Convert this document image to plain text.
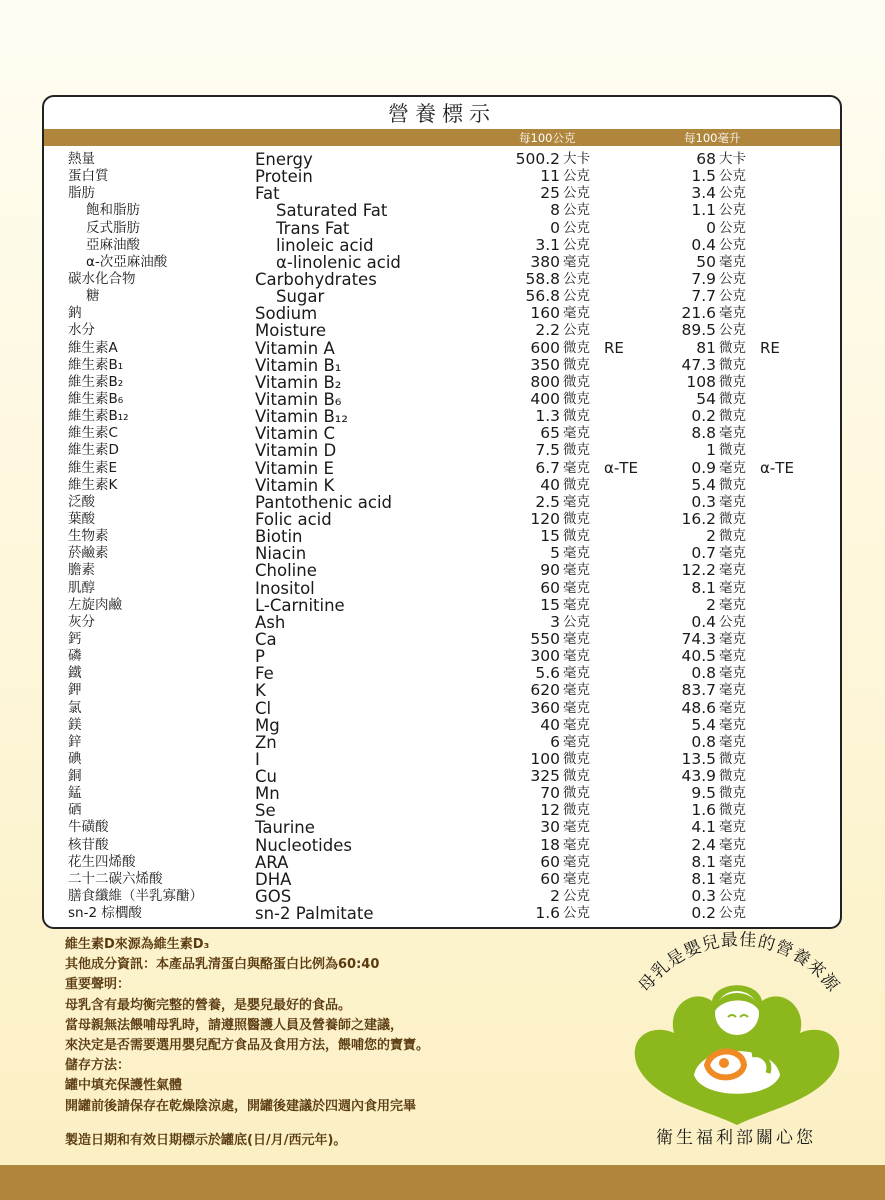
營養標示
每100公克	每100毫升
熱量	Energy	500.2 大卡	68 大卡
蛋白質	Protein	11 公克	1.5 公克
脂肪	Fat	25 公克	3.4 公克
飽和脂肪	Saturated Fat	8 公克	1.1 公克
反式脂肪	Trans Fat	0 公克	0 公克
亞麻油酸	linoleic acid	3.1 公克	0.4 公克
α-次亞麻油酸	α-linolenic acid	380 毫克	50 毫克
碳水化合物	Carbohydrates	58.8 公克	7.9 公克
糖	Sugar	56.8 公克	7.7 公克
鈉	Sodium	160 毫克	21.6 毫克
水分	Moisture	2.2 公克	89.5 公克
維生素A	Vitamin A	600 微克 RE	81 微克 RE
維生素B₁	Vitamin B₁	350 微克	47.3 微克
維生素B₂	Vitamin B₂	800 微克	108 微克
維生素B₆	Vitamin B₆	400 微克	54 微克
維生素B₁₂	Vitamin B₁₂	1.3 微克	0.2 微克
維生素C	Vitamin C	65 毫克	8.8 毫克
維生素D	Vitamin D	7.5 微克	1 微克
維生素E	Vitamin E	6.7 毫克 α-TE	0.9 毫克 α-TE
維生素K	Vitamin K	40 微克	5.4 微克
泛酸	Pantothenic acid	2.5 毫克	0.3 毫克
葉酸	Folic acid	120 微克	16.2 微克
生物素	Biotin	15 微克	2 微克
菸鹼素	Niacin	5 毫克	0.7 毫克
膽素	Choline	90 毫克	12.2 毫克
肌醇	Inositol	60 毫克	8.1 毫克
左旋肉鹼	L-Carnitine	15 毫克	2 毫克
灰分	Ash	3 公克	0.4 公克
鈣	Ca	550 毫克	74.3 毫克
磷	P	300 毫克	40.5 毫克
鐵	Fe	5.6 毫克	0.8 毫克
鉀	K	620 毫克	83.7 毫克
氯	Cl	360 毫克	48.6 毫克
鎂	Mg	40 毫克	5.4 毫克
鋅	Zn	6 毫克	0.8 毫克
碘	I	100 微克	13.5 微克
銅	Cu	325 微克	43.9 微克
錳	Mn	70 微克	9.5 微克
硒	Se	12 微克	1.6 微克
牛磺酸	Taurine	30 毫克	4.1 毫克
核苷酸	Nucleotides	18 毫克	2.4 毫克
花生四烯酸	ARA	60 毫克	8.1 毫克
二十二碳六烯酸	DHA	60 毫克	8.1 毫克
膳食纖維（半乳寡醣）	GOS	2 公克	0.3 公克
sn-2 棕櫚酸	sn-2 Palmitate	1.6 公克	0.2 公克
維生素D來源為維生素D₃
其他成分資訊：本產品乳清蛋白與酪蛋白比例為60:40
重要聲明：
母乳含有最均衡完整的營養，是嬰兒最好的食品。
當母親無法餵哺母乳時，請遵照醫護人員及營養師之建議，
來決定是否需要選用嬰兒配方食品及食用方法，餵哺您的寶寶。
儲存方法：
罐中填充保護性氣體
開罐前後請保存在乾燥陰涼處，開罐後建議於四週內食用完畢
製造日期和有效日期標示於罐底(日/月/西元年)。
母乳是嬰兒最佳的營養來源
衛生福利部關心您
